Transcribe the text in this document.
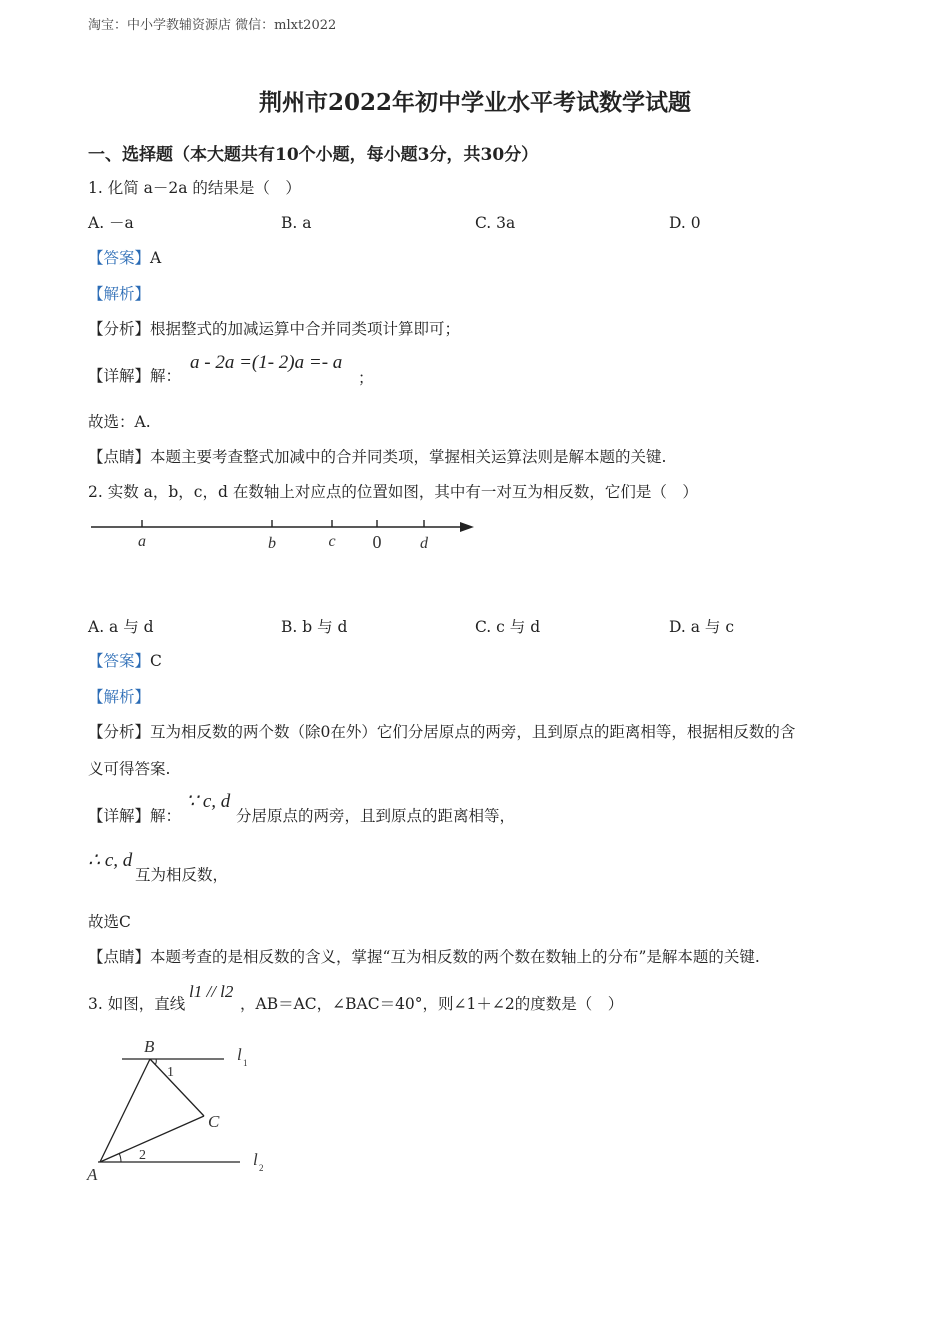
淘宝：中小学教辅资源店 微信：mlxt2022
荆州市2022年初中学业水平考试数学试题
一、选择题（本大题共有10个小题，每小题3分，共30分）
1. 化简 a－2a 的结果是（　）
A. －a	B. a	C. 3a	D. 0
【答案】A
【解析】
【分析】根据整式的加减运算中合并同类项计算即可；
【详解】解：
a - 2a =(1- 2)a =- a
；
故选：A.
【点睛】本题主要考查整式加减中的合并同类项，掌握相关运算法则是解本题的关键.
2. 实数 a，b，c，d 在数轴上对应点的位置如图，其中有一对互为相反数，它们是（　）
a	b	c 0 d
A. a 与 d	B. b 与 d	C. c 与 d	D. a 与 c
【答案】C
【解析】
【分析】互为相反数的两个数（除0在外）它们分居原点的两旁，且到原点的距离相等，根据相反数的含
义可得答案.
【详解】解：
∵ c, d
分居原点的两旁，且到原点的距离相等，
∴ c, d
互为相反数，
故选C
【点睛】本题考查的是相反数的含义，掌握“互为相反数的两个数在数轴上的分布”是解本题的关键.
3. 如图，直线
l1 // l2
，AB＝AC，∠BAC＝40°，则∠1＋∠2的度数是（　）
B
1
C
A
2
l 1
l 2
